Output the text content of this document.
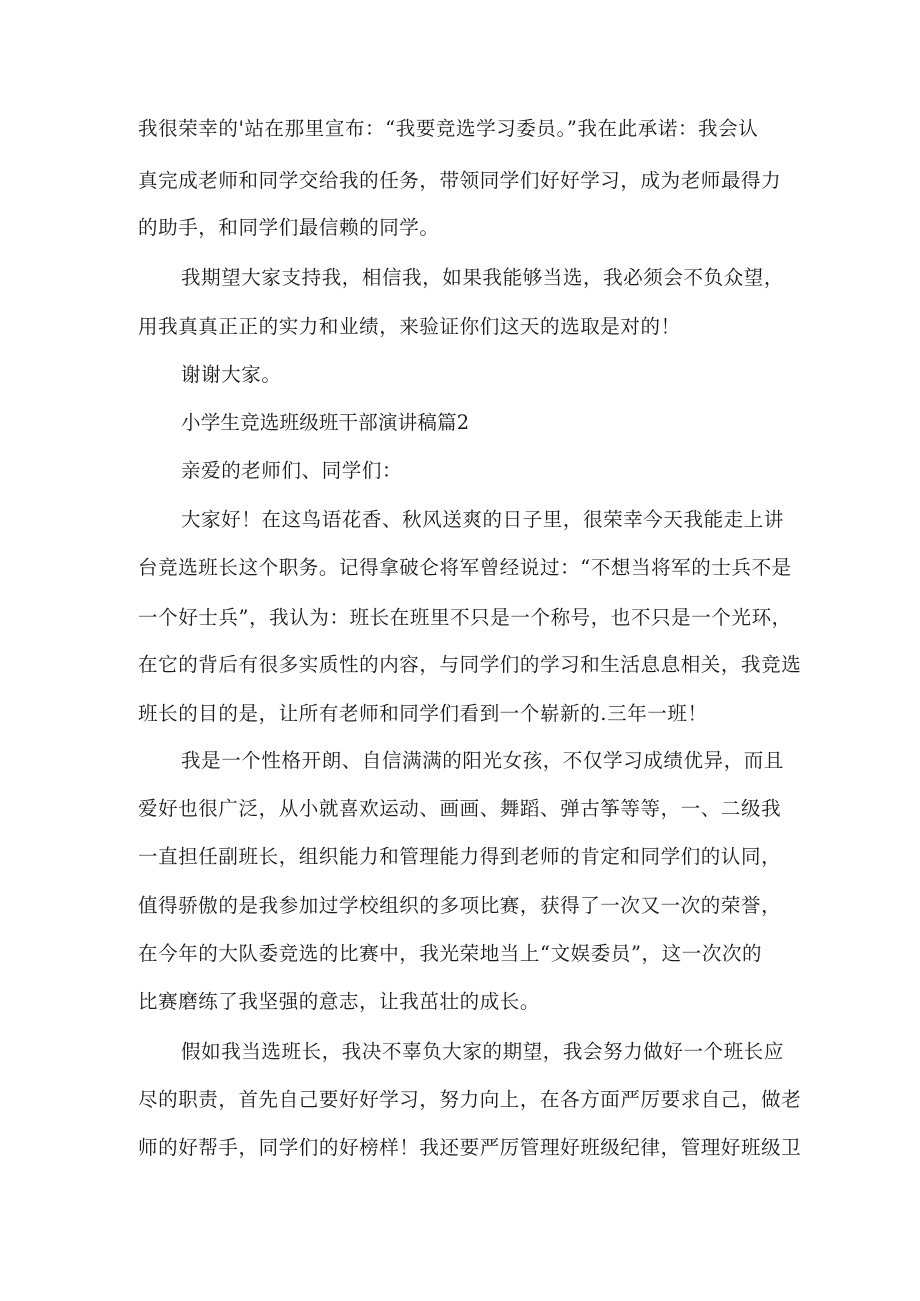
我很荣幸的'站在那里宣布：“我要竞选学习委员。”我在此承诺：我会认
真完成老师和同学交给我的任务，带领同学们好好学习，成为老师最得力
的助手，和同学们最信赖的同学。
我期望大家支持我，相信我，如果我能够当选，我必须会不负众望，
用我真真正正的实力和业绩，来验证你们这天的选取是对的！
谢谢大家。
小学生竞选班级班干部演讲稿篇2
亲爱的老师们、同学们：
大家好！在这鸟语花香、秋风送爽的日子里，很荣幸今天我能走上讲
台竞选班长这个职务。记得拿破仑将军曾经说过：“不想当将军的士兵不是
一个好士兵”，我认为：班长在班里不只是一个称号，也不只是一个光环，
在它的背后有很多实质性的内容，与同学们的学习和生活息息相关，我竞选
班长的目的是，让所有老师和同学们看到一个崭新的.三年一班！
我是一个性格开朗、自信满满的阳光女孩，不仅学习成绩优异，而且
爱好也很广泛，从小就喜欢运动、画画、舞蹈、弹古筝等等，一、二级我
一直担任副班长，组织能力和管理能力得到老师的肯定和同学们的认同，
值得骄傲的是我参加过学校组织的多项比赛，获得了一次又一次的荣誉，
在今年的大队委竞选的比赛中，我光荣地当上“文娱委员”，这一次次的
比赛磨练了我坚强的意志，让我茁壮的成长。
假如我当选班长，我决不辜负大家的期望，我会努力做好一个班长应
尽的职责，首先自己要好好学习，努力向上，在各方面严厉要求自己，做老
师的好帮手，同学们的好榜样！我还要严厉管理好班级纪律，管理好班级卫
